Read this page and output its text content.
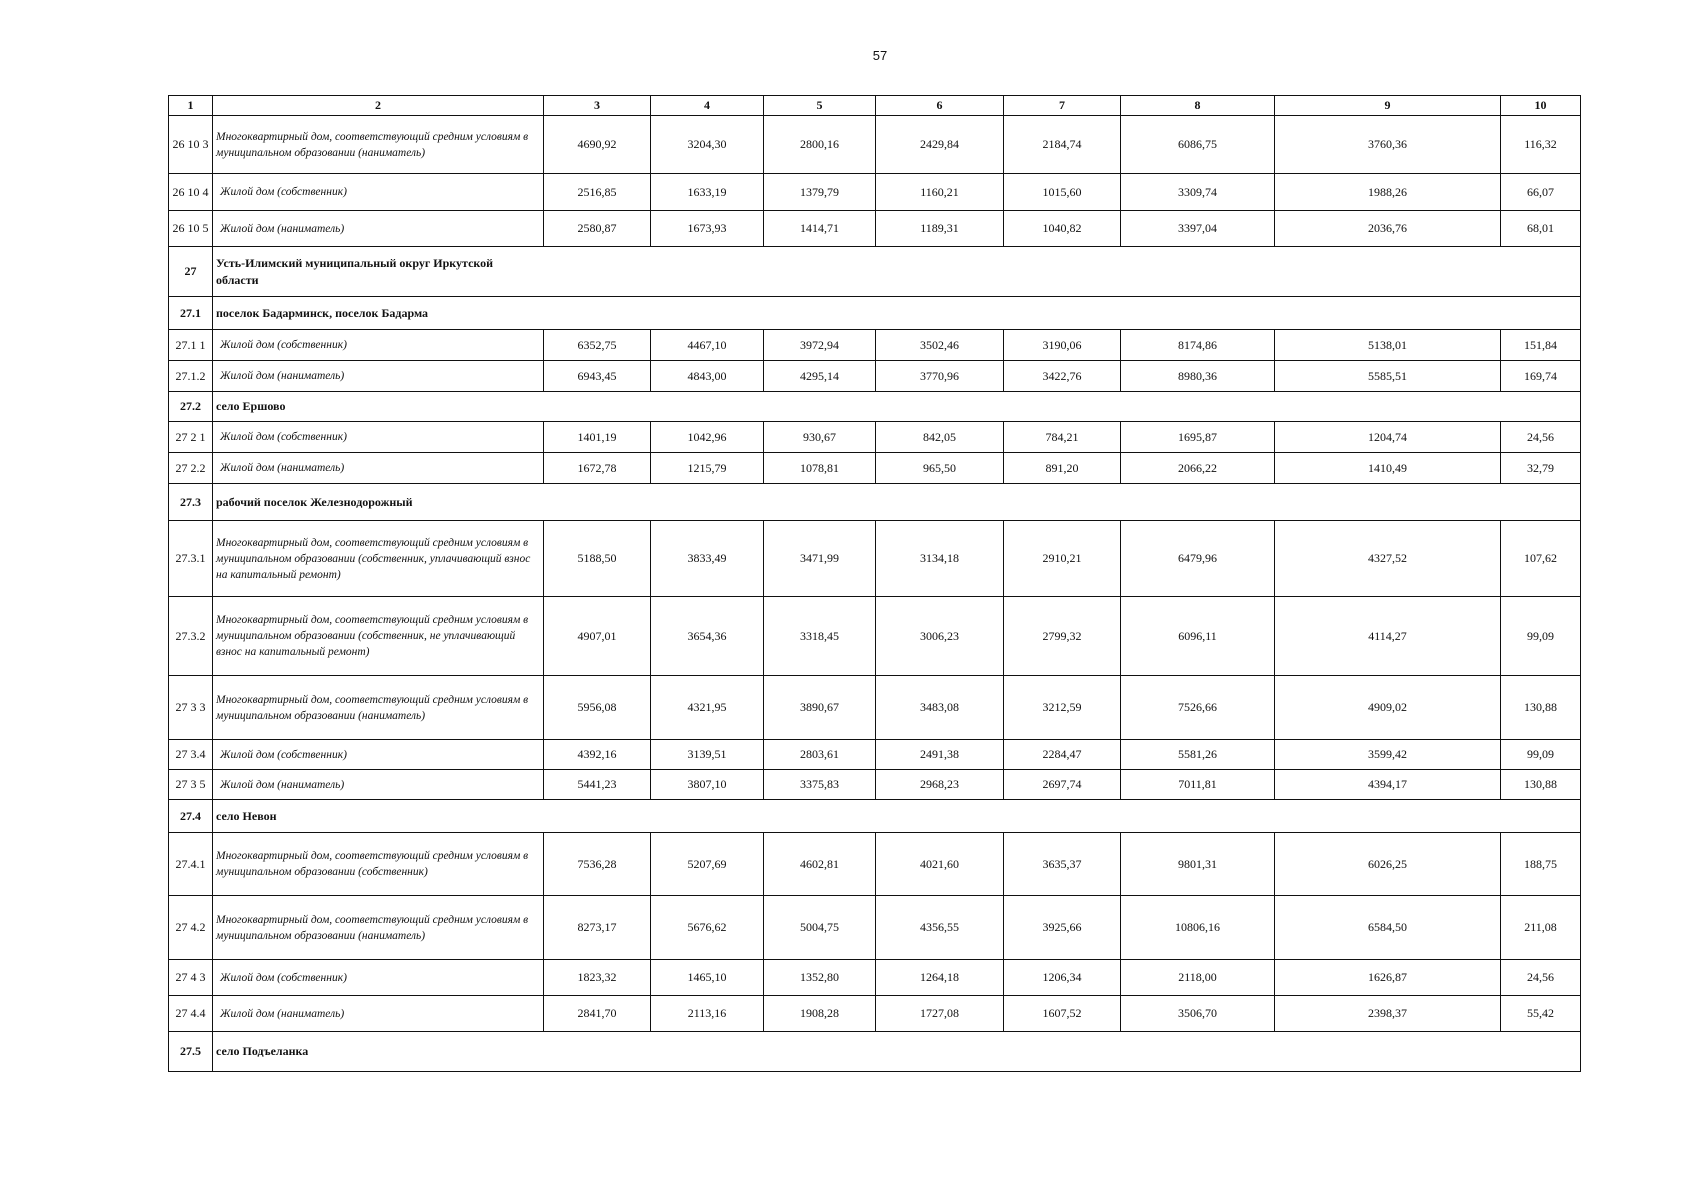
57
1	2	3	4	5	6	7	8	9	10
26 10 3	Многоквартирный дом, соответствующий средним условиям в муниципальном образовании (наниматель)	4690,92	3204,30	2800,16	2429,84	2184,74	6086,75	3760,36	116,32
26 10 4	Жилой дом (собственник)	2516,85	1633,19	1379,79	1160,21	1015,60	3309,74	1988,26	66,07
26 10 5	Жилой дом (наниматель)	2580,87	1673,93	1414,71	1189,31	1040,82	3397,04	2036,76	68,01
27	Усть-Илимский муниципальный округ Иркутской области								
27.1	поселок Бадарминск, поселок Бадарма								
27.1 1	Жилой дом (собственник)	6352,75	4467,10	3972,94	3502,46	3190,06	8174,86	5138,01	151,84
27.1.2	Жилой дом (наниматель)	6943,45	4843,00	4295,14	3770,96	3422,76	8980,36	5585,51	169,74
27.2	село Ершово								
27 2 1	Жилой дом (собственник)	1401,19	1042,96	930,67	842,05	784,21	1695,87	1204,74	24,56
27 2.2	Жилой дом (наниматель)	1672,78	1215,79	1078,81	965,50	891,20	2066,22	1410,49	32,79
27.3	рабочий поселок Железнодорожный								
27.3.1	Многоквартирный дом, соответствующий средним условиям в муниципальном образовании (собственник, уплачивающий взнос на капитальный ремонт)	5188,50	3833,49	3471,99	3134,18	2910,21	6479,96	4327,52	107,62
27.3.2	Многоквартирный дом, соответствующий средним условиям в муниципальном образовании (собственник, не уплачивающий взнос на капитальный ремонт)	4907,01	3654,36	3318,45	3006,23	2799,32	6096,11	4114,27	99,09
27 3 3	Многоквартирный дом, соответствующий средним условиям в муниципальном образовании (наниматель)	5956,08	4321,95	3890,67	3483,08	3212,59	7526,66	4909,02	130,88
27 3.4	Жилой дом (собственник)	4392,16	3139,51	2803,61	2491,38	2284,47	5581,26	3599,42	99,09
27 3 5	Жилой дом (наниматель)	5441,23	3807,10	3375,83	2968,23	2697,74	7011,81	4394,17	130,88
27.4	село Невон								
27.4.1	Многоквартирный дом, соответствующий средним условиям в муниципальном образовании (собственник)	7536,28	5207,69	4602,81	4021,60	3635,37	9801,31	6026,25	188,75
27 4.2	Многоквартирный дом, соответствующий средним условиям в муниципальном образовании (наниматель)	8273,17	5676,62	5004,75	4356,55	3925,66	10806,16	6584,50	211,08
27 4 3	Жилой дом (собственник)	1823,32	1465,10	1352,80	1264,18	1206,34	2118,00	1626,87	24,56
27 4.4	Жилой дом (наниматель)	2841,70	2113,16	1908,28	1727,08	1607,52	3506,70	2398,37	55,42
27.5	село Подъеланка								
